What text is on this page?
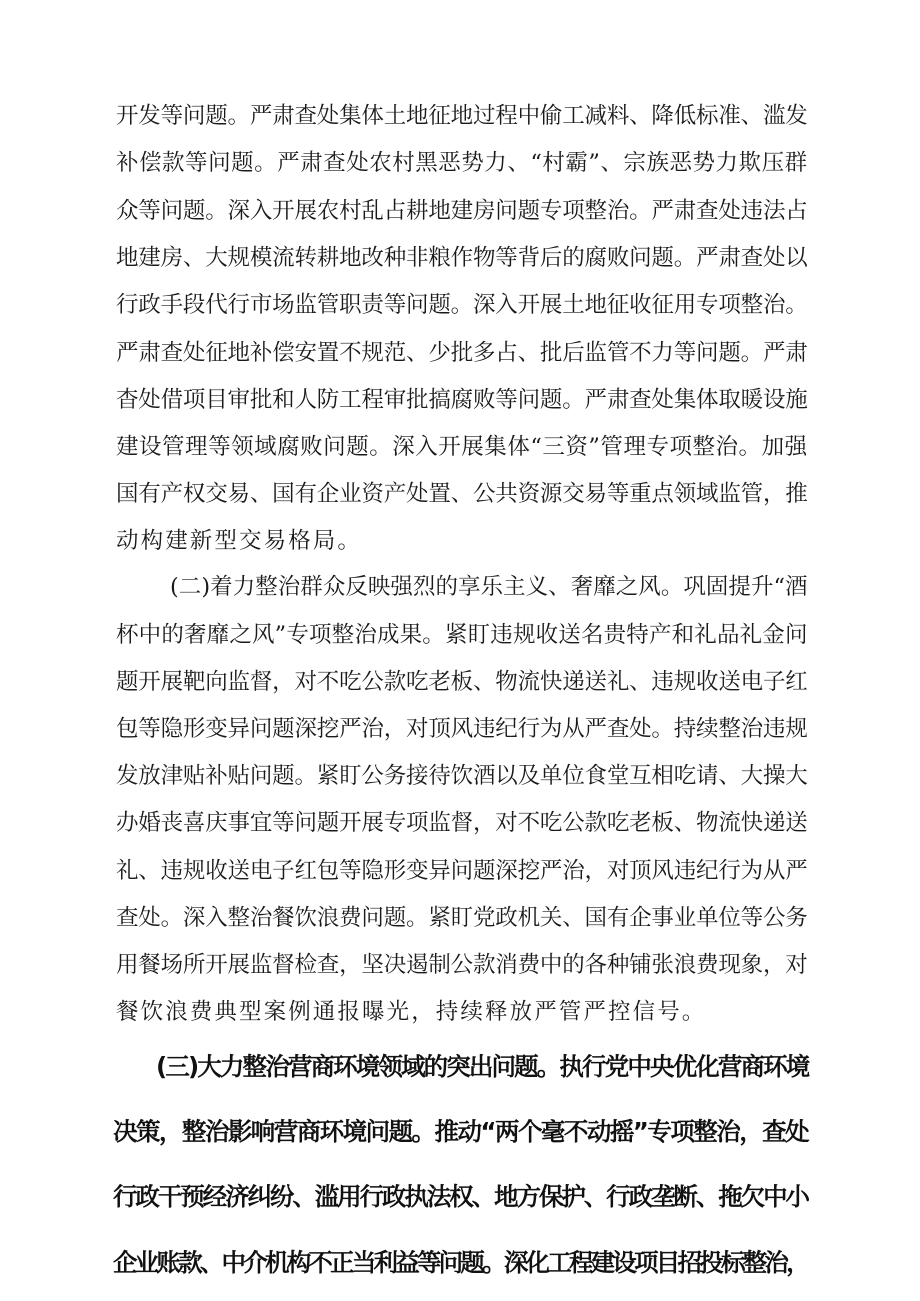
开发等问题。严肃查处集体土地征地过程中偷工减料、降低标准、滥发
补偿款等问题。严肃查处农村黑恶势力、“村霸”、宗族恶势力欺压群
众等问题。深入开展农村乱占耕地建房问题专项整治。严肃查处违法占
地建房、大规模流转耕地改种非粮作物等背后的腐败问题。严肃查处以
行政手段代行市场监管职责等问题。深入开展土地征收征用专项整治。
严肃查处征地补偿安置不规范、少批多占、批后监管不力等问题。严肃
杳处借项目审批和人防工程审批搞腐败等问题。严肃查处集体取暖设施
建设管理等领域腐败问题。深入开展集体“三资”管理专项整治。加强
国有产权交易、国有企业资产处置、公共资源交易等重点领域监管，推
动构建新型交易格局。
(二)着力整治群众反映强烈的享乐主义、奢靡之风。巩固提升“酒
杯中的奢靡之风”专项整治成果。紧盯违规收送名贵特产和礼品礼金问
题开展靶向监督，对不吃公款吃老板、物流快递送礼、违规收送电子红
包等隐形变异问题深挖严治，对顶风违纪行为从严查处。持续整治违规
发放津贴补贴问题。紧盯公务接待饮酒以及单位食堂互相吃请、大操大
办婚丧喜庆事宜等问题开展专项监督，对不吃公款吃老板、物流快递送
礼、违规收送电子红包等隐形变异问题深挖严治，对顶风违纪行为从严
查处。深入整治餐饮浪费问题。紧盯党政机关、国有企事业单位等公务
用餐场所开展监督检查，坚决遏制公款消费中的各种铺张浪费现象，对
餐饮浪费典型案例通报曝光，持续释放严管严控信号。
(三)大力整治营商环境领域的突出问题。执行党中央优化营商环境
决策，整治影响营商环境问题。推动“两个毫不动摇”专项整治，查处
行政干预经济纠纷、滥用行政执法权、地方保护、行政垄断、拖欠中小
企业账款、中介机构不正当利益等问题。深化工程建设项目招投标整治，
